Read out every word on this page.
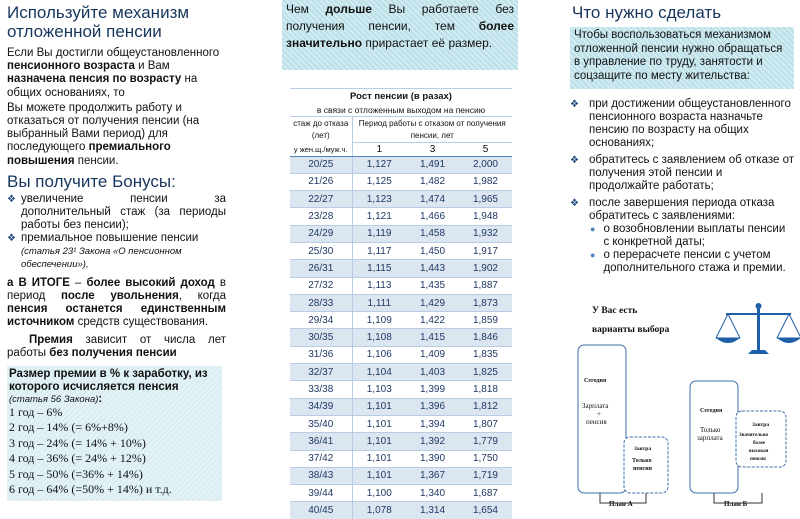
Используйте механизм отложенной пенсии
Если Вы достигли общеустановленного пенсионного возраста и Вам назначена пенсия по возрасту на общих основаниях, то
Вы можете продолжить работу и отказаться от получения пенсии (на выбранный Вами период) для последующего премиального повышения пенсии.
Вы получите Бонусы:
❖ увеличение пенсии за дополнительный стаж (за периоды работы без пенсии);
❖ премиальное повышение пенсии
(статья 23¹ Закона «О пенсионном обеспечении»),
а В ИТОГЕ – более высокий доход в период после увольнения, когда пенсия останется единственным источником средств существования.
Премия зависит от числа лет работы без получения пенсии
Размер премии в % к заработку, из которого исчисляется пенсия
(статья 56 Закона):
1 год – 6%
2 год – 14% (= 6%+8%)
3 год – 24% (= 14% + 10%)
4 год – 36% (= 24% + 12%)
5 год – 50% (=36% + 14%)
6 год – 64% (=50% + 14%) и т.д.
Чем дольше Вы работаете без получения пенсии, тем более значительно прирастает её размер.
Рост пенсии (в разах)			
в связи с отложенным выходом на пенсию			
стаж до отказа (лет)	Период работы с отказом от получения пенсии, лет		

у жен.щ./муж.ч.	1	3	5
20/25	1,127	1,491	2,000
21/26	1,125	1,482	1,982
22/27	1,123	1,474	1,965
23/28	1,121	1,466	1,948
24/29	1,119	1,458	1,932
25/30	1,117	1,450	1,917
26/31	1,115	1,443	1,902
27/32	1,113	1,435	1,887
28/33	1,111	1,429	1,873
29/34	1,109	1,422	1,859
30/35	1,108	1,415	1,846
31/36	1,106	1,409	1,835
32/37	1,104	1,403	1,825
33/38	1,103	1,399	1,818
34/39	1,101	1,396	1,812
35/40	1,101	1,394	1,807
36/41	1,101	1,392	1,779
37/42	1,101	1,390	1,750
38/43	1,101	1,367	1,719
39/44	1,100	1,340	1,687
40/45	1,078	1,314	1,654
Что нужно сделать
Чтобы воспользоваться механизмом отложенной пенсии нужно обращаться в управление по труду, занятости и соцзащите по месту жительства:
❖ при достижении общеустановленного пенсионного возраста назначьте пенсию по возрасту на общих основаниях;
❖ обратитесь с заявлением об отказе от получения этой пенсии и продолжайте работать;
❖ после завершения периода отказа обратитесь с заявлениями:
● о возобновлении выплаты пенсии с конкретной даты;
● о перерасчете пенсии с учетом дополнительного стажа и премии.
У Вас есть
варианты выбора
Сегодня
Зарплата
+
пенсия
Завтра
Только
пенсия
План А
Сегодня
Только
зарплата
Завтра
Значительно
более
высокая
пенсия
План Б
